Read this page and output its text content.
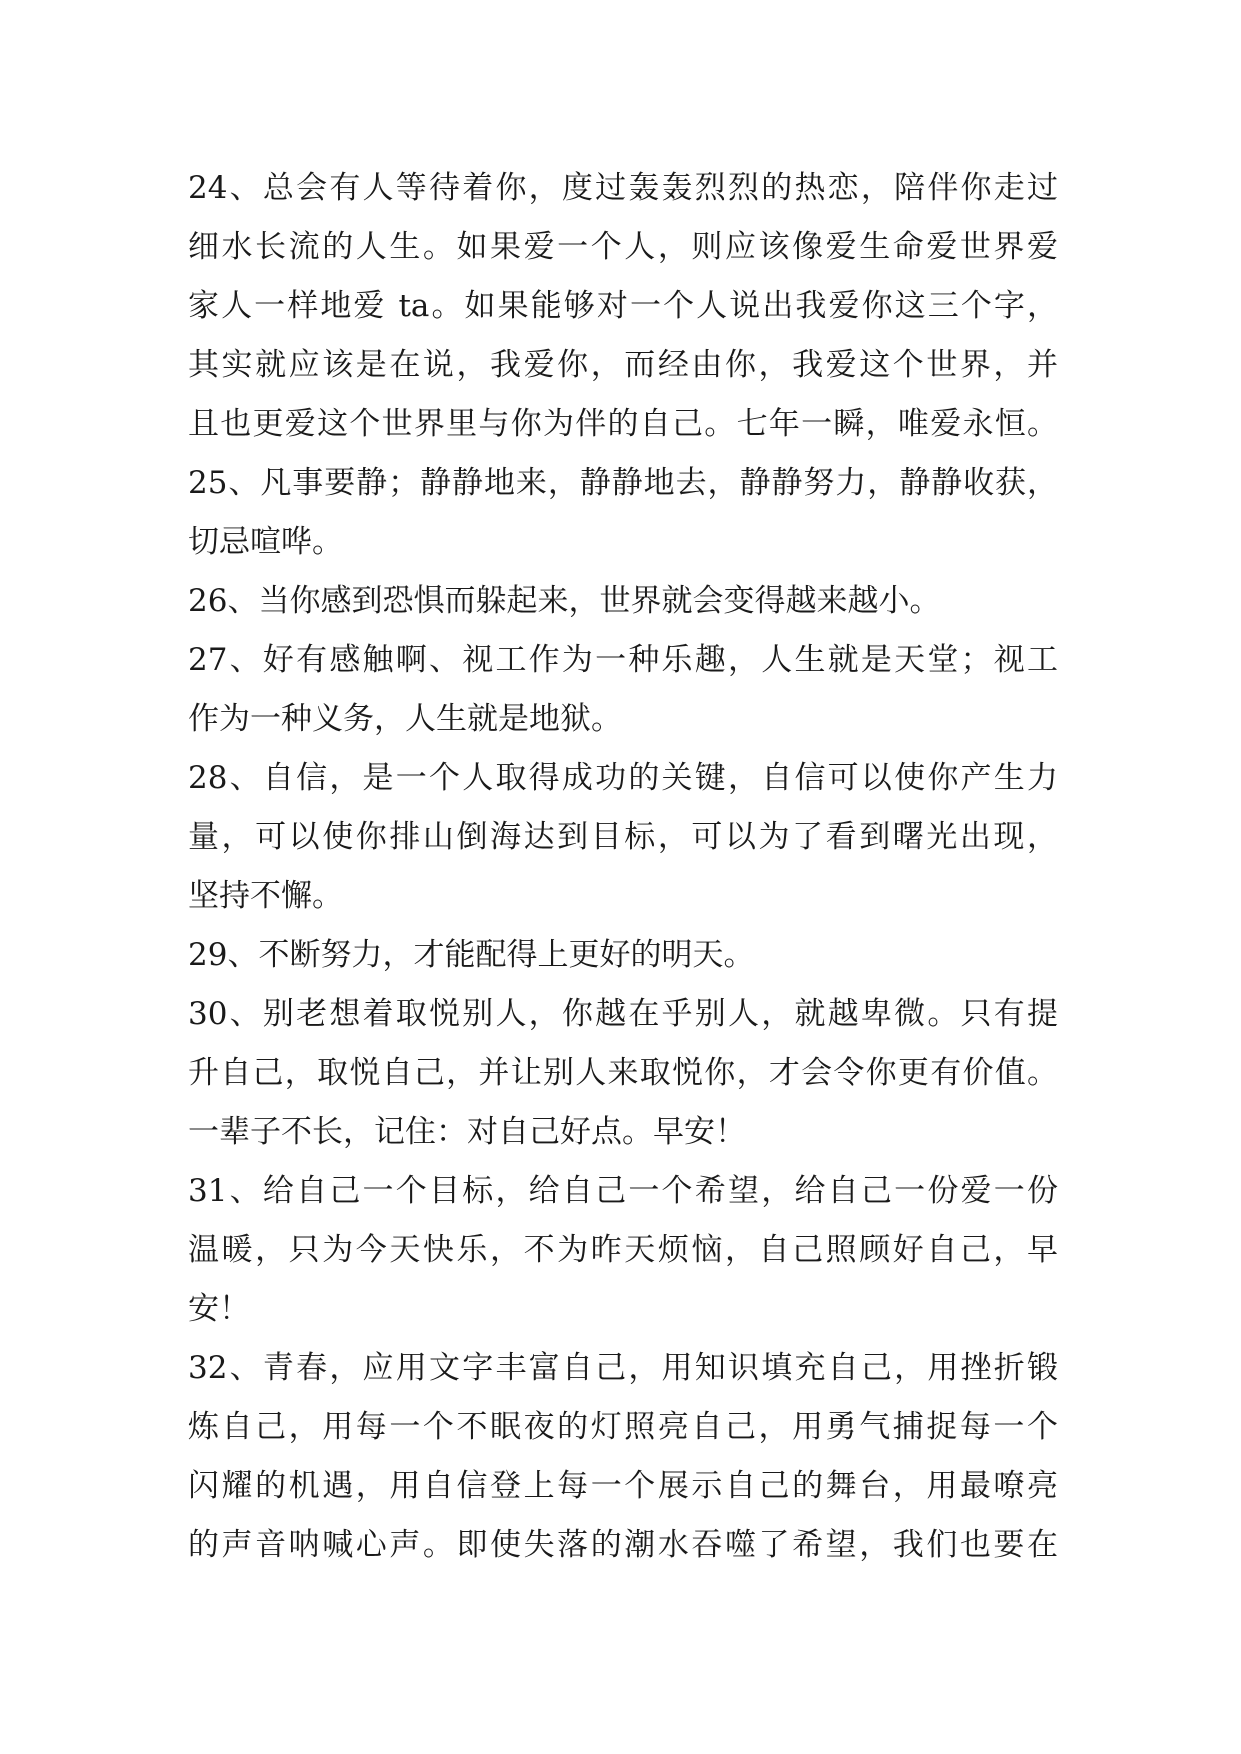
24、总会有人等待着你，度过轰轰烈烈的热恋，陪伴你走过
细水长流的人生。如果爱一个人，则应该像爱生命爱世界爱
家人一样地爱 ta。如果能够对一个人说出我爱你这三个字，
其实就应该是在说，我爱你，而经由你，我爱这个世界，并
且也更爱这个世界里与你为伴的自己。七年一瞬，唯爱永恒。
25、凡事要静；静静地来，静静地去，静静努力，静静收获，
切忌喧哗。
26、当你感到恐惧而躲起来，世界就会变得越来越小。
27、好有感触啊、视工作为一种乐趣，人生就是天堂；视工
作为一种义务，人生就是地狱。
28、自信，是一个人取得成功的关键，自信可以使你产生力
量，可以使你排山倒海达到目标，可以为了看到曙光出现，
坚持不懈。
29、不断努力，才能配得上更好的明天。
30、别老想着取悦别人，你越在乎别人，就越卑微。只有提
升自己，取悦自己，并让别人来取悦你，才会令你更有价值。
一辈子不长，记住：对自己好点。早安！
31、给自己一个目标，给自己一个希望，给自己一份爱一份
温暖，只为今天快乐，不为昨天烦恼，自己照顾好自己，早
安！
32、青春，应用文字丰富自己，用知识填充自己，用挫折锻
炼自己，用每一个不眠夜的灯照亮自己，用勇气捕捉每一个
闪耀的机遇，用自信登上每一个展示自己的舞台，用最嘹亮
的声音呐喊心声。即使失落的潮水吞噬了希望，我们也要在
